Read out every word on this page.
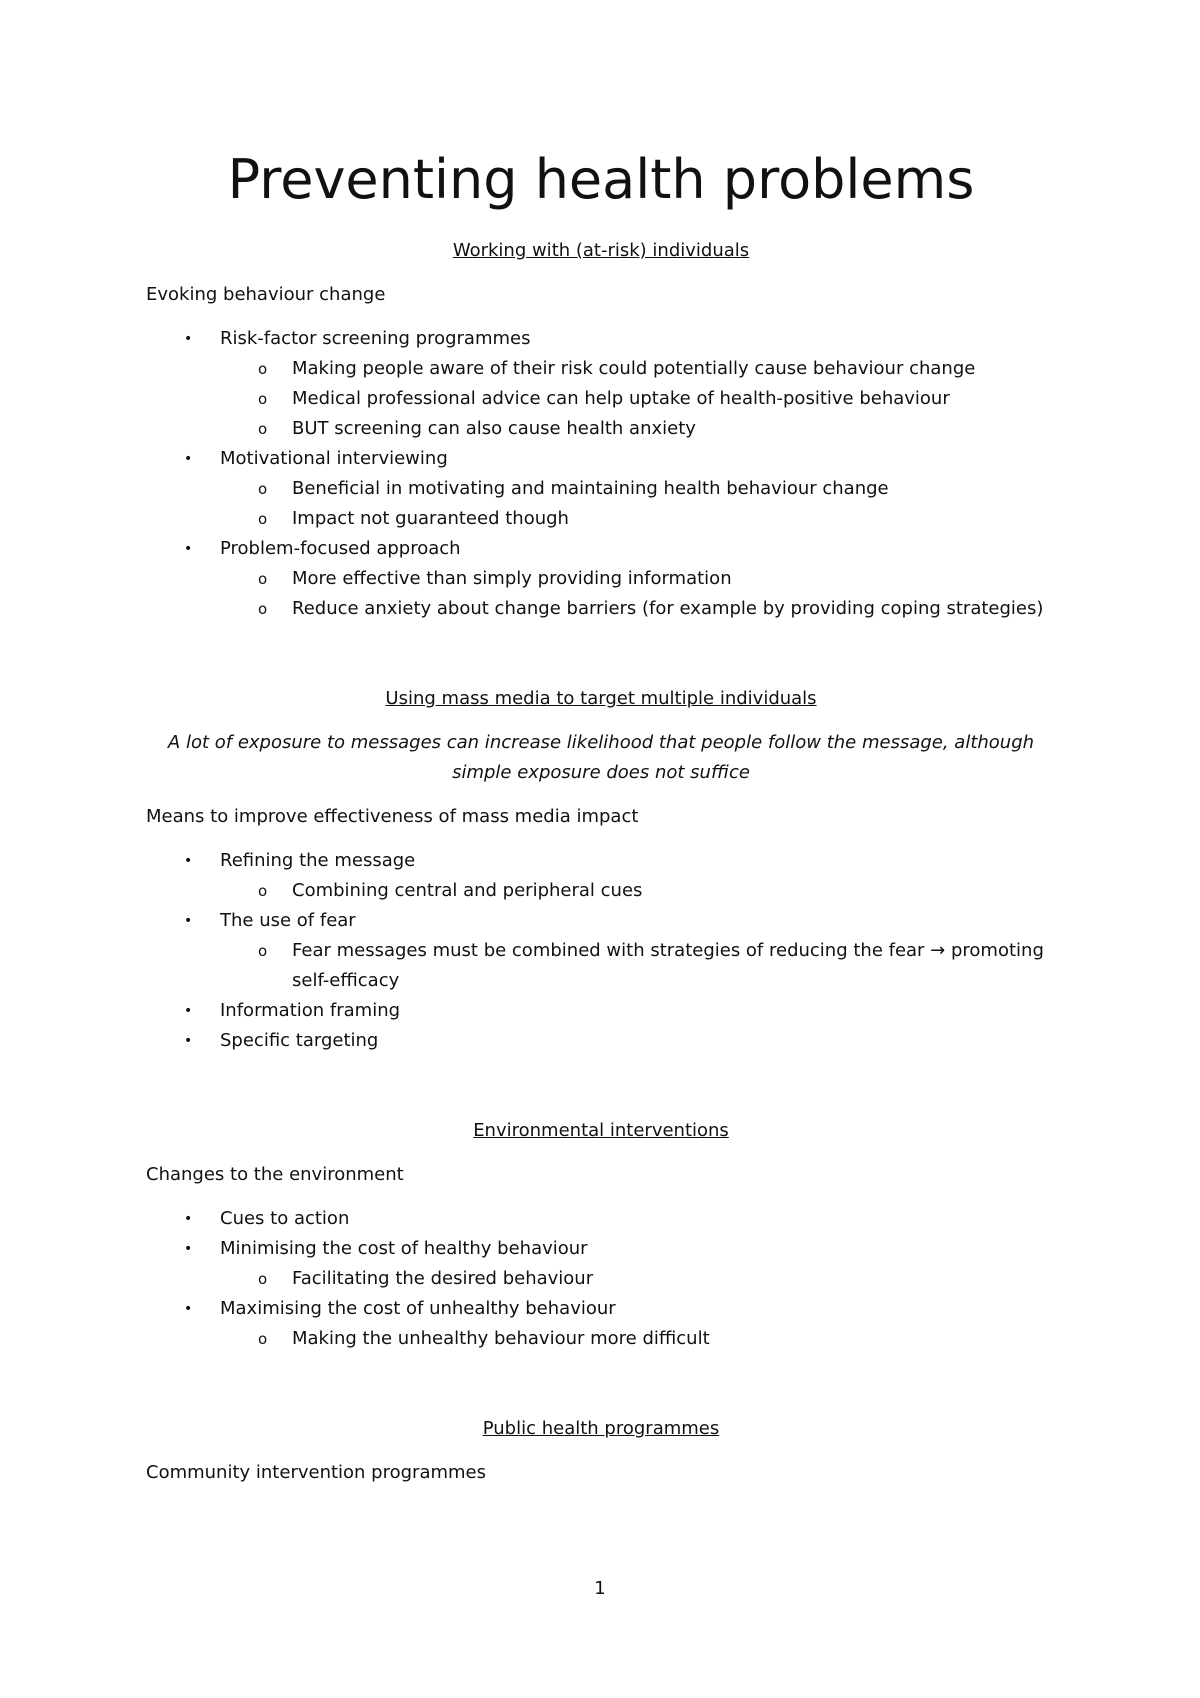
Preventing health problems

Working with (at-risk) individuals

Evoking behaviour change

• Risk-factor screening programmes
o Making people aware of their risk could potentially cause behaviour change
o Medical professional advice can help uptake of health-positive behaviour
o BUT screening can also cause health anxiety
• Motivational interviewing
o Beneficial in motivating and maintaining health behaviour change
o Impact not guaranteed though
• Problem-focused approach
o More effective than simply providing information
o Reduce anxiety about change barriers (for example by providing coping strategies)

Using mass media to target multiple individuals

A lot of exposure to messages can increase likelihood that people follow the message, although simple exposure does not suffice

Means to improve effectiveness of mass media impact

• Refining the message
o Combining central and peripheral cues
• The use of fear
o Fear messages must be combined with strategies of reducing the fear → promoting self-efficacy
• Information framing
• Specific targeting

Environmental interventions

Changes to the environment

• Cues to action
• Minimising the cost of healthy behaviour
o Facilitating the desired behaviour
• Maximising the cost of unhealthy behaviour
o Making the unhealthy behaviour more difficult

Public health programmes

Community intervention programmes

1
